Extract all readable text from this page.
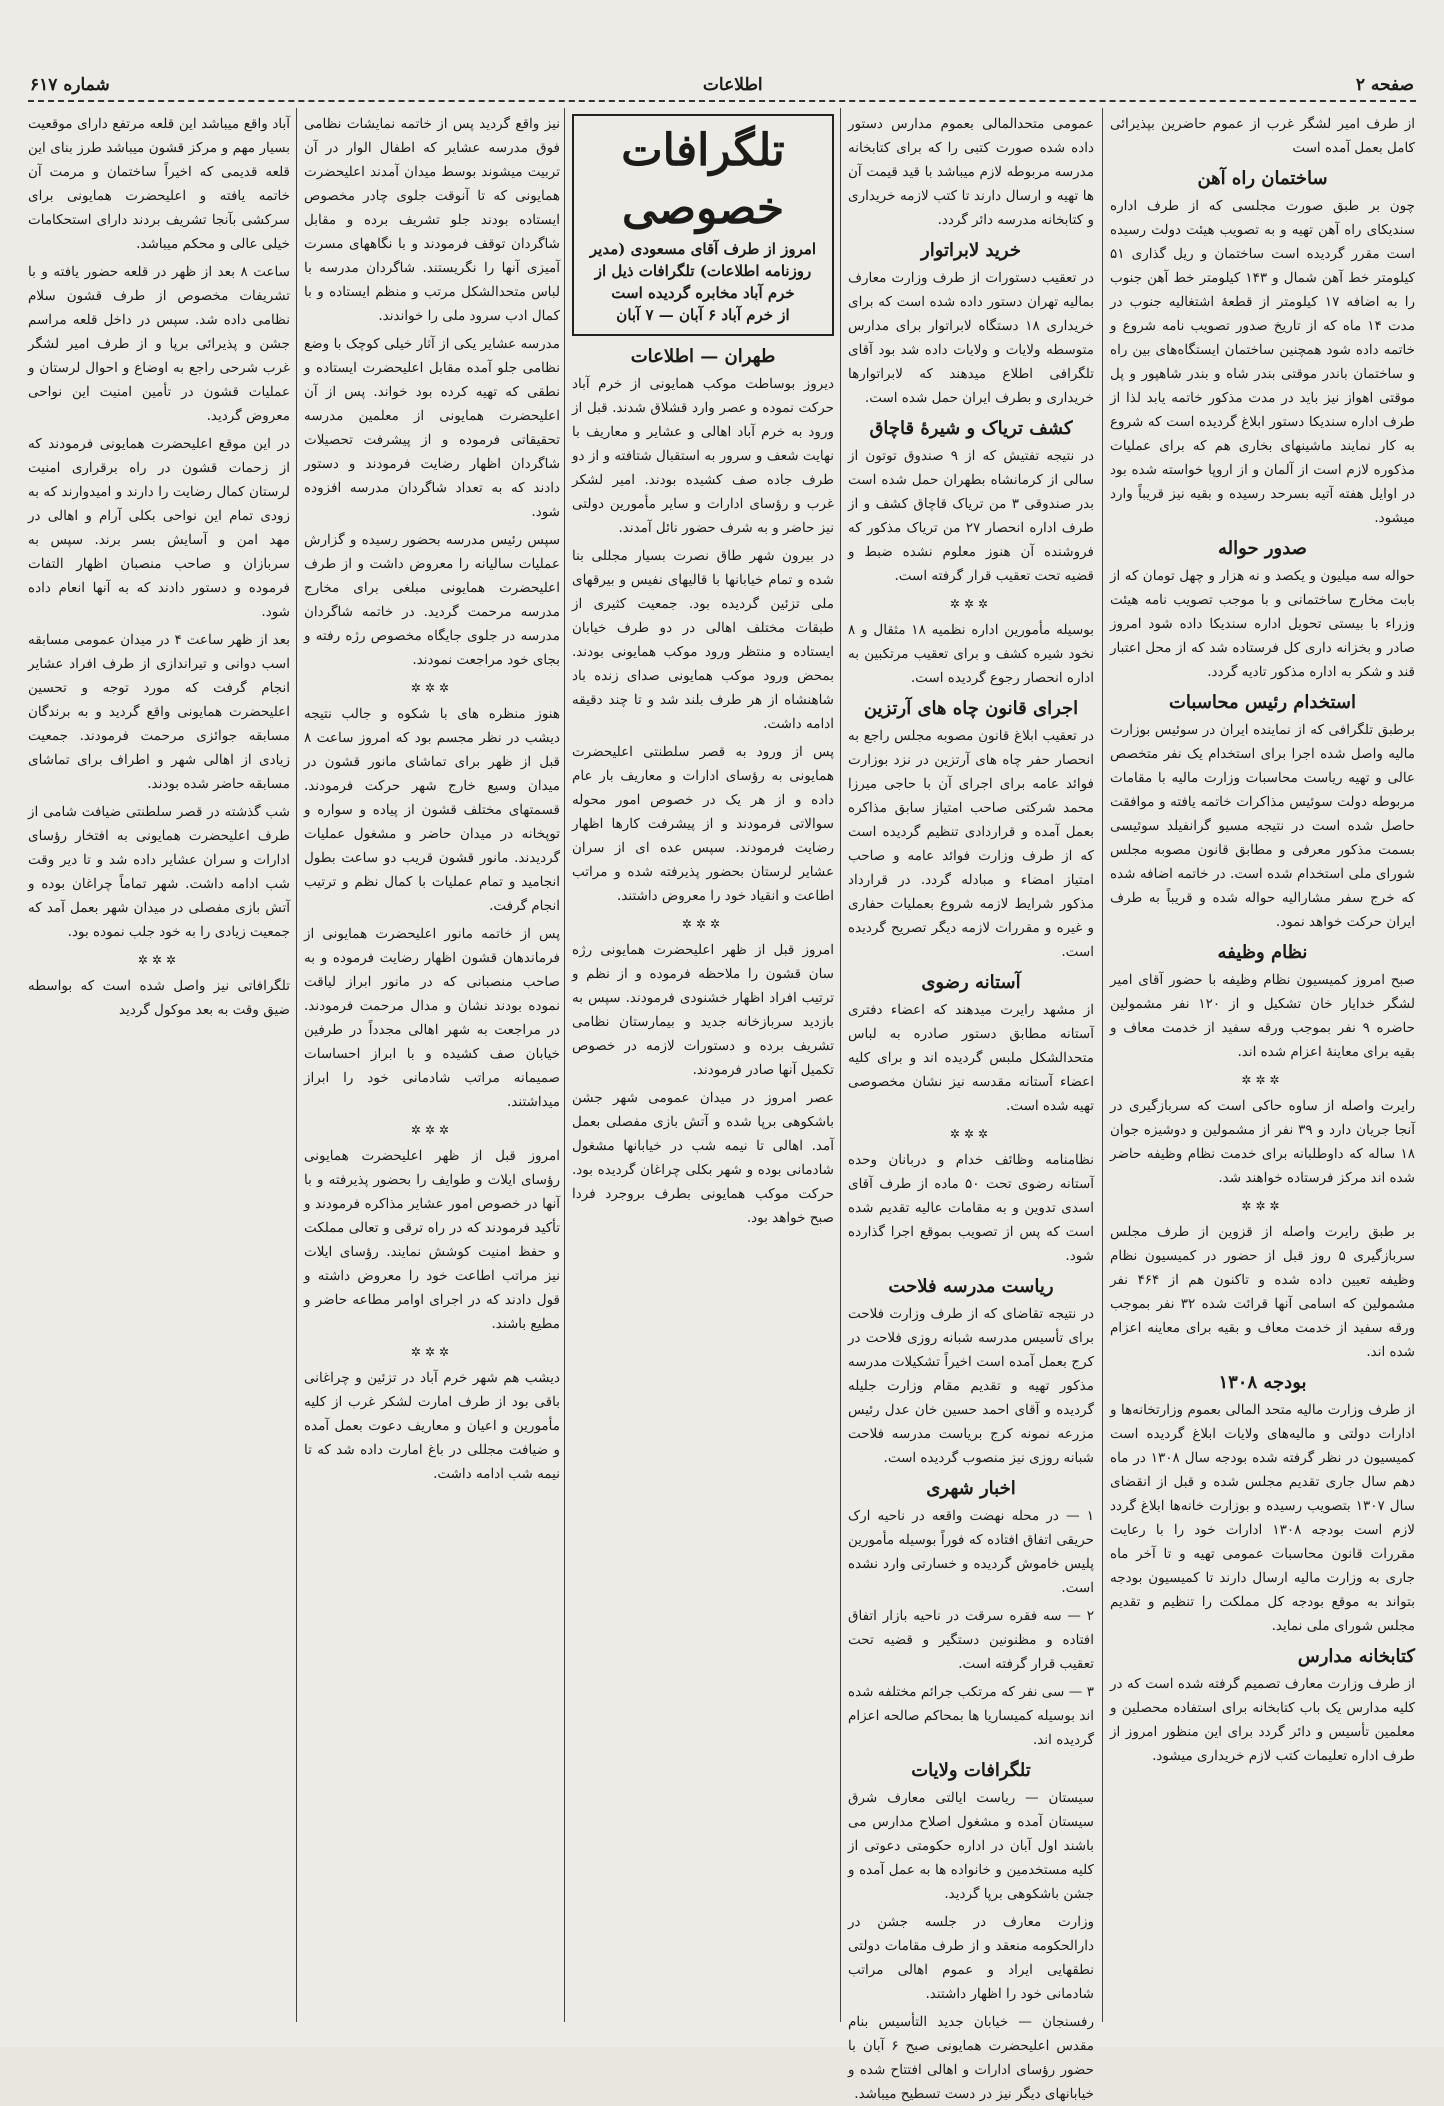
صفحه ۲
اطلاعات
شماره ۶۱۷

از طرف امیر لشگر غرب از عموم حاضرین بپذیرائی کامل بعمل آمده است

ساختمان راه آهن

چون بر طبق صورت مجلسی که از طرف اداره سندیکای راه آهن تهیه و به تصویب هیئت دولت رسیده است مقرر گردیده است ساختمان و ریل گذاری ۵۱ کیلومتر خط آهن شمال و ۱۴۳ کیلومتر خط آهن جنوب را به اضافه ۱۷ کیلومتر از قطعهٔ اشتغالیه جنوب در مدت ۱۴ ماه که از تاریخ صدور تصویب نامه شروع و خاتمه داده شود همچنین ساختمان ایستگاه‌های بین راه و ساختمان باندر موقتی بندر شاه و بندر شاهپور و پل موقتی اهواز نیز باید در مدت مذکور خاتمه یابد لذا از طرف اداره سندیکا دستور ابلاغ گردیده است که شروع به کار نمایند ماشینهای بخاری هم که برای عملیات مذکوره لازم است از آلمان و از اروپا خواسته شده بود در اوایل هفته آتیه بسرحد رسیده و بقیه نیز قریباً وارد میشود.

صدور حواله

حواله سه میلیون و یکصد و نه هزار و چهل تومان که از بابت مخارج ساختمانی و با موجب تصویب نامه هیئت وزراء با بیستی تحویل اداره سندیکا داده شود امروز صادر و بخزانه داری کل فرستاده شد که از محل اعتبار قند و شکر به اداره مذکور تادیه گردد.

استخدام رئیس محاسبات

برطبق تلگرافی که از نماینده ایران در سوئیس بوزارت مالیه واصل شده اجرا برای استخدام یک نفر متخصص عالی و تهیه ریاست محاسبات وزارت مالیه با مقامات مربوطه دولت سوئیس مذاکرات خاتمه یافته و موافقت حاصل شده است در نتیجه مسیو گرانفیلد سوئیسی بسمت مذکور معرفی و مطابق قانون مصوبه مجلس شورای ملی استخدام شده است. در خاتمه اضافه شده که خرج سفر مشارالیه حواله شده و قریباً به طرف ایران حرکت خواهد نمود.

نظام وظیفه

صبح امروز کمیسیون نظام وظیفه با حضور آقای امیر لشگر خدایار خان تشکیل و از ۱۲۰ نفر مشمولین حاضره ۹ نفر بموجب ورقه سفید از خدمت معاف و بقیه برای معاینهٔ اعزام شده اند.

✲✲✲

رایرت واصله از ساوه حاکی است که سربازگیری در آنجا جریان دارد و ۳۹ نفر از مشمولین و دوشیزه جوان ۱۸ ساله که داوطلبانه برای خدمت نظام وظیفه حاضر شده اند مرکز فرستاده خواهند شد.

✲✲✲

بر طبق رایرت واصله از قزوین از طرف مجلس سربازگیری ۵ روز قبل از حضور در کمیسیون نظام وظیفه تعیین داده شده و تاکنون هم از ۴۶۴ نفر مشمولین که اسامی آنها قرائت شده ۳۲ نفر بموجب ورقه سفید از خدمت معاف و بقیه برای معاینه اعزام شده اند.

بودجه ۱۳۰۸

از طرف وزارت مالیه متحد المالی بعموم وزارتخانه‌ها و ادارات دولتی و مالیه‌های ولایات ابلاغ گردیده است کمیسیون در نظر گرفته شده بودجه سال ۱۳۰۸ در ماه دهم سال جاری تقدیم مجلس شده و قبل از انقضای سال ۱۳۰۷ بتصویب رسیده و بوزارت خانه‌ها ابلاغ گردد لازم است بودجه ۱۳۰۸ ادارات خود را با رعایت مقررات قانون محاسبات عمومی تهیه و تا آخر ماه جاری به وزارت مالیه ارسال دارند تا کمیسیون بودجه بتواند به موقع بودجه کل مملکت را تنظیم و تقدیم مجلس شورای ملی نماید.

کتابخانه مدارس

از طرف وزارت معارف تصمیم گرفته شده است که در کلیه مدارس یک باب کتابخانه برای استفاده محصلین و معلمین تأسیس و دائر گردد برای این منظور امروز از طرف اداره تعلیمات کتب لازم خریداری میشود.

عمومی متحدالمالی بعموم مدارس دستور داده شده صورت کتبی را که برای کتابخانه مدرسه مربوطه لازم میباشد با قید قیمت آن ها تهیه و ارسال دارند تا کتب لازمه خریداری و کتابخانه مدرسه دائر گردد.

خرید لابراتوار

در تعقیب دستورات از طرف وزارت معارف بمالیه تهران دستور داده شده است که برای خریداری ۱۸ دستگاه لابراتوار برای مدارس متوسطه ولایات و ولایات داده شد بود آقای تلگرافی اطلاع میدهند که لابراتوارها خریداری و بطرف ایران حمل شده است.

کشف تریاک و شیرهٔ قاچاق

در نتیجه تفتیش که از ۹ صندوق توتون از سالی از کرمانشاه بطهران حمل شده است بدر صندوقی ۳ من تریاک قاچاق کشف و از طرف اداره انحصار ۲۷ من تریاک مذکور که فروشنده آن هنوز معلوم نشده ضبط و قضیه تحت تعقیب قرار گرفته است.

✲✲✲

بوسیله مأمورین اداره نظمیه ۱۸ مثقال و ۸ نخود شیره کشف و برای تعقیب مرتکبین به اداره انحصار رجوع گردیده است.

اجرای قانون چاه های آرتزین

در تعقیب ابلاغ قانون مصوبه مجلس راجع به انحصار حفر چاه های آرتزین در نزد بوزارت فوائد عامه برای اجرای آن با حاجی میرزا محمد شرکتی صاحب امتیاز سابق مذاکره بعمل آمده و قراردادی تنظیم گردیده است که از طرف وزارت فوائد عامه و صاحب امتیاز امضاء و مبادله گردد. در قرارداد مذکور شرایط لازمه شروع بعملیات حفاری و غیره و مقررات لازمه دیگر تصریح گردیده است.

آستانه رضوی

از مشهد رایرت میدهند که اعضاء دفتری آستانه مطابق دستور صادره به لباس متحدالشکل ملبس گردیده اند و برای کلیه اعضاء آستانه مقدسه نیز نشان مخصوصی تهیه شده است.

✲✲✲

نظامنامه وظائف خدام و دربانان وحده آستانه رضوی تحت ۵۰ ماده از طرف آقای اسدی تدوین و به مقامات عالیه تقدیم شده است که پس از تصویب بموقع اجرا گذارده شود.

ریاست مدرسه فلاحت

در نتیجه تقاضای که از طرف وزارت فلاحت برای تأسیس مدرسه شبانه روزی فلاحت در کرج بعمل آمده است اخیراً تشکیلات مدرسه مذکور تهیه و تقدیم مقام وزارت جلیله گردیده و آقای احمد حسین خان عدل رئیس مزرعه نمونه کرج بریاست مدرسه فلاحت شبانه روزی نیز منصوب گردیده است.

اخبار شهری

۱ — در محله نهضت واقعه در ناحیه ارک حریقی اتفاق افتاده که فوراً بوسیله مأمورین پلیس خاموش گردیده و خسارتی وارد نشده است.

۲ — سه فقره سرقت در ناحیه بازار اتفاق افتاده و مظنونین دستگیر و قضیه تحت تعقیب قرار گرفته است.

۳ — سی نفر که مرتکب جرائم مختلفه شده اند بوسیله کمیساریا ها بمحاکم صالحه اعزام گردیده اند.

تلگرافات ولایات

سیستان — ریاست ایالتی معارف شرق سیستان آمده و مشغول اصلاح مدارس می باشند اول آبان در اداره حکومتی دعوتی از کلیه مستخدمین و خانواده ها به عمل آمده و جشن باشکوهی برپا گردید.

وزارت معارف در جلسه جشن در دارالحکومه منعقد و از طرف مقامات دولتی نطقهایی ایراد و عموم اهالی مراتب شادمانی خود را اظهار داشتند.

رفسنجان — خیابان جدید التأسیس بنام مقدس اعلیحضرت همایونی صبح ۶ آبان با حضور رؤسای ادارات و اهالی افتتاح شده و خیابانهای دیگر نیز در دست تسطیح میباشد.

تلگرافات خصوصی
امروز از طرف آقای مسعودی (مدیر روزنامه اطلاعات) تلگرافات ذیل از خرم آباد مخابره گردیده است
از خرم آباد ۶ آبان — ۷ آبان
طهران — اطلاعات

دیروز بوساطت موکب همایونی از خرم آباد حرکت نموده و عصر وارد قشلاق شدند. قبل از ورود به خرم آباد اهالی و عشایر و معاریف با نهایت شعف و سرور به استقبال شتافته و از دو طرف جاده صف کشیده بودند. امیر لشکر غرب و رؤسای ادارات و سایر مأمورین دولتی نیز حاضر و به شرف حضور نائل آمدند.

در بیرون شهر طاق نصرت بسیار مجللی بنا شده و تمام خیابانها با قالیهای نفیس و بیرقهای ملی تزئین گردیده بود. جمعیت کثیری از طبقات مختلف اهالی در دو طرف خیابان ایستاده و منتظر ورود موکب همایونی بودند. بمحض ورود موکب همایونی صدای زنده باد شاهنشاه از هر طرف بلند شد و تا چند دقیقه ادامه داشت.

پس از ورود به قصر سلطنتی اعلیحضرت همایونی به رؤسای ادارات و معاریف بار عام داده و از هر یک در خصوص امور محوله سوالاتی فرمودند و از پیشرفت کارها اظهار رضایت فرمودند. سپس عده ای از سران عشایر لرستان بحضور پذیرفته شده و مراتب اطاعت و انقیاد خود را معروض داشتند.

✲✲✲

امروز قبل از ظهر اعلیحضرت همایونی رژه سان قشون را ملاحظه فرموده و از نظم و ترتیب افراد اظهار خشنودی فرمودند. سپس به بازدید سربازخانه جدید و بیمارستان نظامی تشریف برده و دستورات لازمه در خصوص تکمیل آنها صادر فرمودند.

عصر امروز در میدان عمومی شهر جشن باشکوهی برپا شده و آتش بازی مفصلی بعمل آمد. اهالی تا نیمه شب در خیابانها مشغول شادمانی بوده و شهر بکلی چراغان گردیده بود. حرکت موکب همایونی بطرف بروجرد فردا صبح خواهد بود.

نیز واقع گردید پس از خاتمه نمایشات نظامی فوق مدرسه عشایر که اطفال الوار در آن تربیت میشوند بوسط میدان آمدند اعلیحضرت همایونی که تا آنوقت جلوی چادر مخصوص ایستاده بودند جلو تشریف برده و مقابل شاگردان توقف فرمودند و با نگاههای مسرت آمیزی آنها را نگریستند. شاگردان مدرسه با لباس متحدالشکل مرتب و منظم ایستاده و با کمال ادب سرود ملی را خواندند.

مدرسه عشایر یکی از آثار خیلی کوچک با وضع نظامی جلو آمده مقابل اعلیحضرت ایستاده و نطقی که تهیه کرده بود خواند. پس از آن اعلیحضرت همایونی از معلمین مدرسه تحقیقاتی فرموده و از پیشرفت تحصیلات شاگردان اظهار رضایت فرمودند و دستور دادند که به تعداد شاگردان مدرسه افزوده شود.

سپس رئیس مدرسه بحضور رسیده و گزارش عملیات سالیانه را معروض داشت و از طرف اعلیحضرت همایونی مبلغی برای مخارج مدرسه مرحمت گردید. در خاتمه شاگردان مدرسه در جلوی جایگاه مخصوص رژه رفته و بجای خود مراجعت نمودند.

✲✲✲

هنوز منظره های با شکوه و جالب نتیجه دیشب در نظر مجسم بود که امروز ساعت ۸ قبل از ظهر برای تماشای مانور قشون در میدان وسیع خارج شهر حرکت فرمودند. قسمتهای مختلف قشون از پیاده و سواره و توپخانه در میدان حاضر و مشغول عملیات گردیدند. مانور قشون قریب دو ساعت بطول انجامید و تمام عملیات با کمال نظم و ترتیب انجام گرفت.

پس از خاتمه مانور اعلیحضرت همایونی از فرماندهان قشون اظهار رضایت فرموده و به صاحب منصبانی که در مانور ابراز لیاقت نموده بودند نشان و مدال مرحمت فرمودند. در مراجعت به شهر اهالی مجدداً در طرفین خیابان صف کشیده و با ابراز احساسات صمیمانه مراتب شادمانی خود را ابراز میداشتند.

✲✲✲

امروز قبل از ظهر اعلیحضرت همایونی رؤسای ایلات و طوایف را بحضور پذیرفته و با آنها در خصوص امور عشایر مذاکره فرمودند و تأکید فرمودند که در راه ترقی و تعالی مملکت و حفظ امنیت کوشش نمایند. رؤسای ایلات نیز مراتب اطاعت خود را معروض داشته و قول دادند که در اجرای اوامر مطاعه حاضر و مطیع باشند.

✲✲✲

دیشب هم شهر خرم آباد در تزئین و چراغانی باقی بود از طرف امارت لشکر غرب از کلیه مأمورین و اعیان و معاریف دعوت بعمل آمده و ضیافت مجللی در باغ امارت داده شد که تا نیمه شب ادامه داشت.

آباد واقع میباشد این قلعه مرتفع دارای موقعیت بسیار مهم و مرکز قشون میباشد طرز بنای این قلعه قدیمی که اخیراً ساختمان و مرمت آن خاتمه یافته و اعلیحضرت همایونی برای سرکشی بآنجا تشریف بردند دارای استحکامات خیلی عالی و محکم میباشد.

ساعت ۸ بعد از ظهر در قلعه حضور یافته و با تشریفات مخصوص از طرف قشون سلام نظامی داده شد. سپس در داخل قلعه مراسم جشن و پذیرائی برپا و از طرف امیر لشگر غرب شرحی راجع به اوضاع و احوال لرستان و عملیات قشون در تأمین امنیت این نواحی معروض گردید.

در این موقع اعلیحضرت همایونی فرمودند که از زحمات قشون در راه برقراری امنیت لرستان کمال رضایت را دارند و امیدوارند که به زودی تمام این نواحی بکلی آرام و اهالی در مهد امن و آسایش بسر برند. سپس به سربازان و صاحب منصبان اظهار التفات فرموده و دستور دادند که به آنها انعام داده شود.

بعد از ظهر ساعت ۴ در میدان عمومی مسابقه اسب دوانی و تیراندازی از طرف افراد عشایر انجام گرفت که مورد توجه و تحسین اعلیحضرت همایونی واقع گردید و به برندگان مسابقه جوائزی مرحمت فرمودند. جمعیت زیادی از اهالی شهر و اطراف برای تماشای مسابقه حاضر شده بودند.

شب گذشته در قصر سلطنتی ضیافت شامی از طرف اعلیحضرت همایونی به افتخار رؤسای ادارات و سران عشایر داده شد و تا دیر وقت شب ادامه داشت. شهر تماماً چراغان بوده و آتش بازی مفصلی در میدان شهر بعمل آمد که جمعیت زیادی را به خود جلب نموده بود.

✲✲✲

تلگرافاتی نیز واصل شده است که بواسطه ضیق وقت به بعد موکول گردید
